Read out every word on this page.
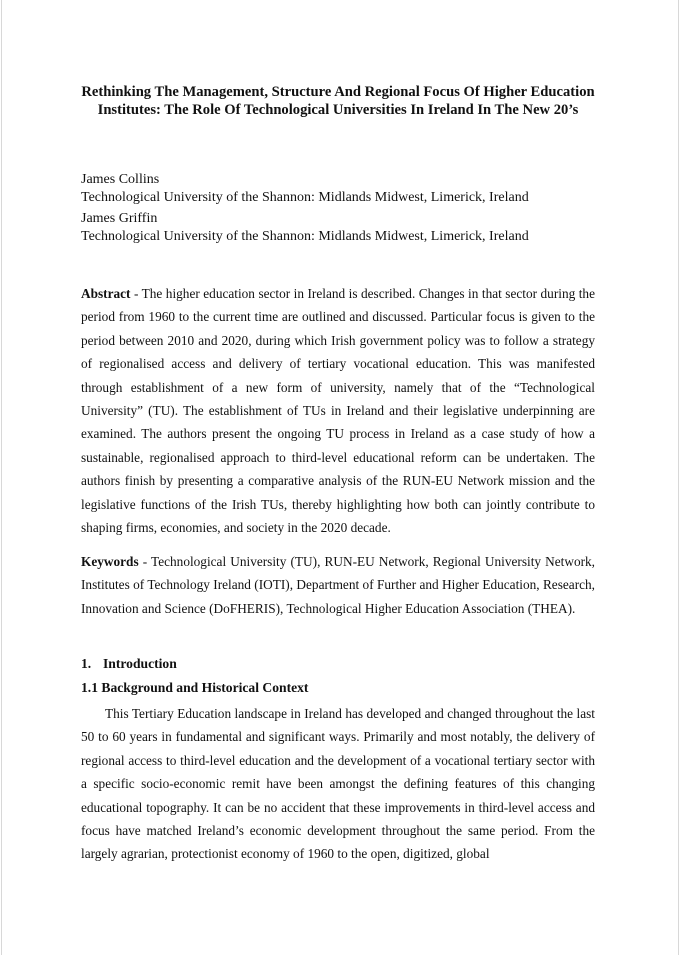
Rethinking The Management, Structure And Regional Focus Of Higher Education Institutes: The Role Of Technological Universities In Ireland In The New 20’s
James Collins
Technological University of the Shannon: Midlands Midwest, Limerick, Ireland
James Griffin
Technological University of the Shannon: Midlands Midwest, Limerick, Ireland

Abstract - The higher education sector in Ireland is described. Changes in that sector during the period from 1960 to the current time are outlined and discussed. Particular focus is given to the period between 2010 and 2020, during which Irish government policy was to follow a strategy of regionalised access and delivery of tertiary vocational education. This was manifested through establishment of a new form of university, namely that of the “Technological University” (TU). The establishment of TUs in Ireland and their legislative underpinning are examined. The authors present the ongoing TU process in Ireland as a case study of how a sustainable, regionalised approach to third-level educational reform can be undertaken. The authors finish by presenting a comparative analysis of the RUN-EU Network mission and the legislative functions of the Irish TUs, thereby highlighting how both can jointly contribute to shaping firms, economies, and society in the 2020 decade.

Keywords - Technological University (TU), RUN-EU Network, Regional University Network, Institutes of Technology Ireland (IOTI), Department of Further and Higher Education, Research, Innovation and Science (DoFHERIS), Technological Higher Education Association (THEA).

1. Introduction
1.1 Background and Historical Context

This Tertiary Education landscape in Ireland has developed and changed throughout the last 50 to 60 years in fundamental and significant ways. Primarily and most notably, the delivery of regional access to third-level education and the development of a vocational tertiary sector with a specific socio-economic remit have been amongst the defining features of this changing educational topography. It can be no accident that these improvements in third-level access and focus have matched Ireland’s economic development throughout the same period. From the largely agrarian, protectionist economy of 1960 to the open, digitized, global
